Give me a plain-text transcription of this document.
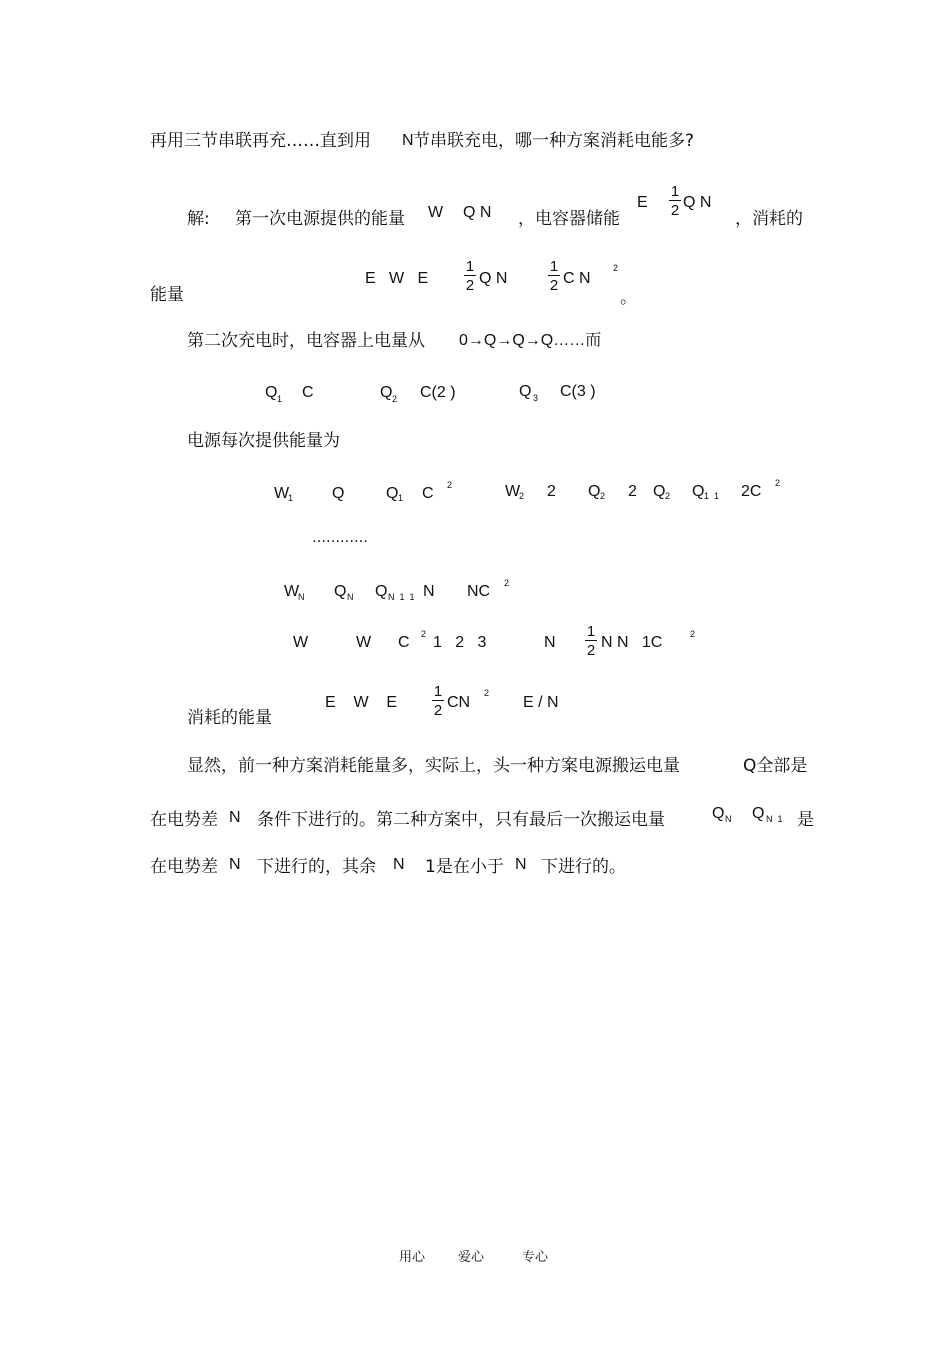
再用三节串联再充……直到用 N 节串联充电，哪一种方案消耗电能多?
解: 第一次电源提供的能量 W Q N ，电容器储能
E
1
2 Q N
，消耗的
能量
E   W   E
1
2 Q N
1
2 C N
2
。
第二次充电时，电容器上电量从 0→Q→Q→Q……而
Q 1 C	Q 2 C(2 )	Q 3 C(3 )
电源每次提供能量为
W
1 Q	Q 1 C 2	W
2 2 Q 2 2 Q 2 Q 1  1 2C 2
…………
W
N Q N Q N  1  1 N NC 2
W	W C 2 1   2   3	N
1
2 N N   1C	2
消耗的能量
E    W    E
1
2 CN
2
E / N
显然，前一种方案消耗能量多，实际上，头一种方案电源搬运电量	Q全部是
在电势差 N 条件下进行的。第二种方案中，只有最后一次搬运电量	Q N Q N  1 是
在电势差 N 下进行的，其余 N 1是在小于 N 下进行的。
用心	爱心	专心
